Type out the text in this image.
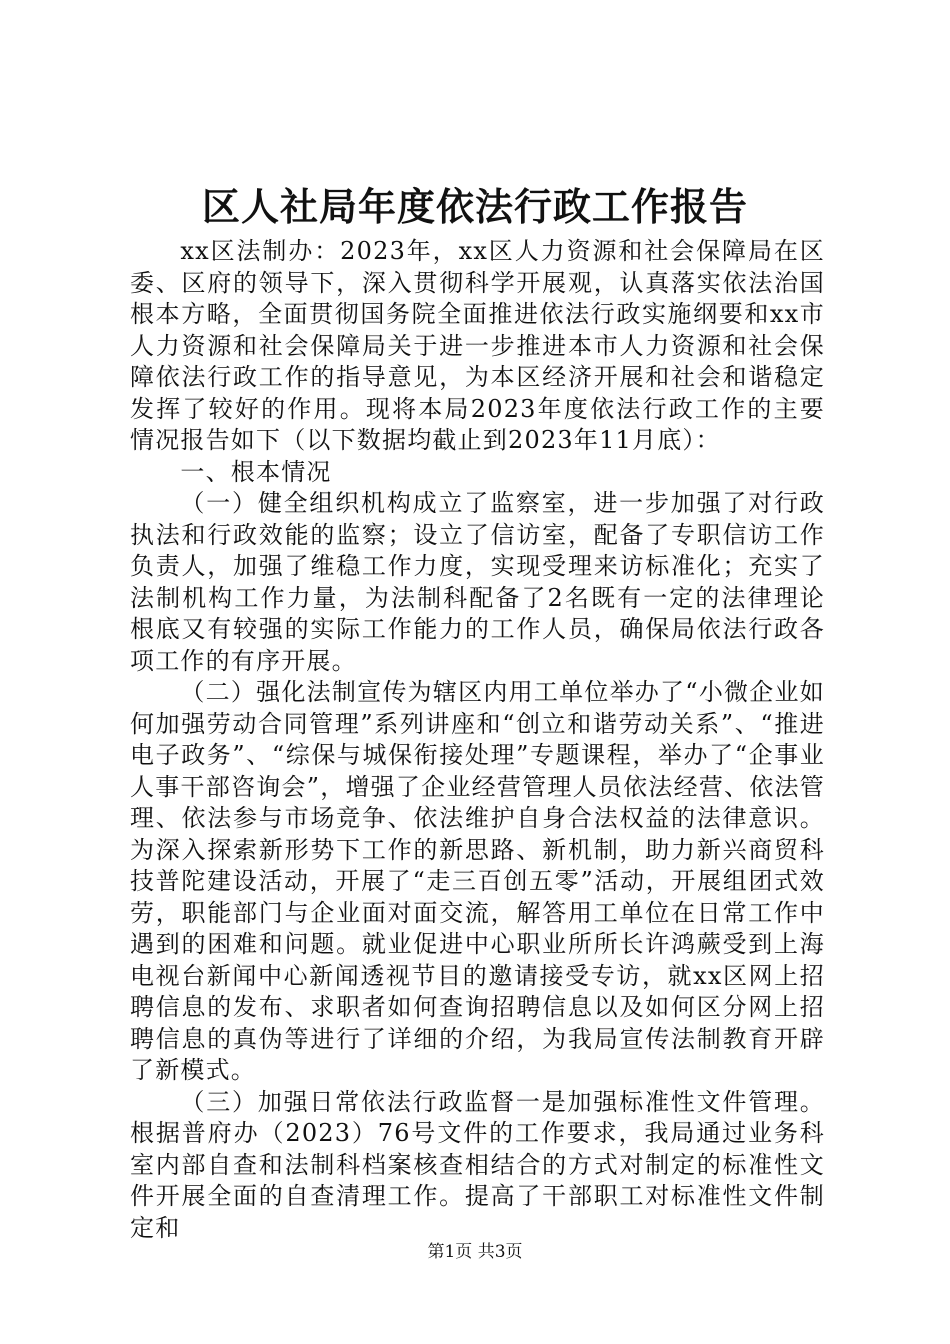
区人社局年度依法行政工作报告

xx区法制办：2023年，xx区人力资源和社会保障局在区委、区府的领导下，深入贯彻科学开展观，认真落实依法治国根本方略，全面贯彻国务院全面推进依法行政实施纲要和xx市人力资源和社会保障局关于进一步推进本市人力资源和社会保障依法行政工作的指导意见，为本区经济开展和社会和谐稳定发挥了较好的作用。现将本局2023年度依法行政工作的主要情况报告如下（以下数据均截止到2023年11月底）：

一、根本情况

（一）健全组织机构成立了监察室，进一步加强了对行政执法和行政效能的监察；设立了信访室，配备了专职信访工作负责人，加强了维稳工作力度，实现受理来访标准化；充实了法制机构工作力量，为法制科配备了2名既有一定的法律理论根底又有较强的实际工作能力的工作人员，确保局依法行政各项工作的有序开展。

（二）强化法制宣传为辖区内用工单位举办了“小微企业如何加强劳动合同管理”系列讲座和“创立和谐劳动关系”、“推进电子政务”、“综保与城保衔接处理”专题课程，举办了“企事业人事干部咨询会”，增强了企业经营管理人员依法经营、依法管理、依法参与市场竞争、依法维护自身合法权益的法律意识。为深入探索新形势下工作的新思路、新机制，助力新兴商贸科技普陀建设活动，开展了“走三百创五零”活动，开展组团式效劳，职能部门与企业面对面交流，解答用工单位在日常工作中遇到的困难和问题。就业促进中心职业所所长许鸿蕨受到上海电视台新闻中心新闻透视节目的邀请接受专访，就xx区网上招聘信息的发布、求职者如何查询招聘信息以及如何区分网上招聘信息的真伪等进行了详细的介绍，为我局宣传法制教育开辟了新模式。

（三）加强日常依法行政监督一是加强标准性文件管理。根据普府办（2023）76号文件的工作要求，我局通过业务科室内部自查和法制科档案核查相结合的方式对制定的标准性文件开展全面的自查清理工作。提高了干部职工对标准性文件制定和

第1页 共3页
